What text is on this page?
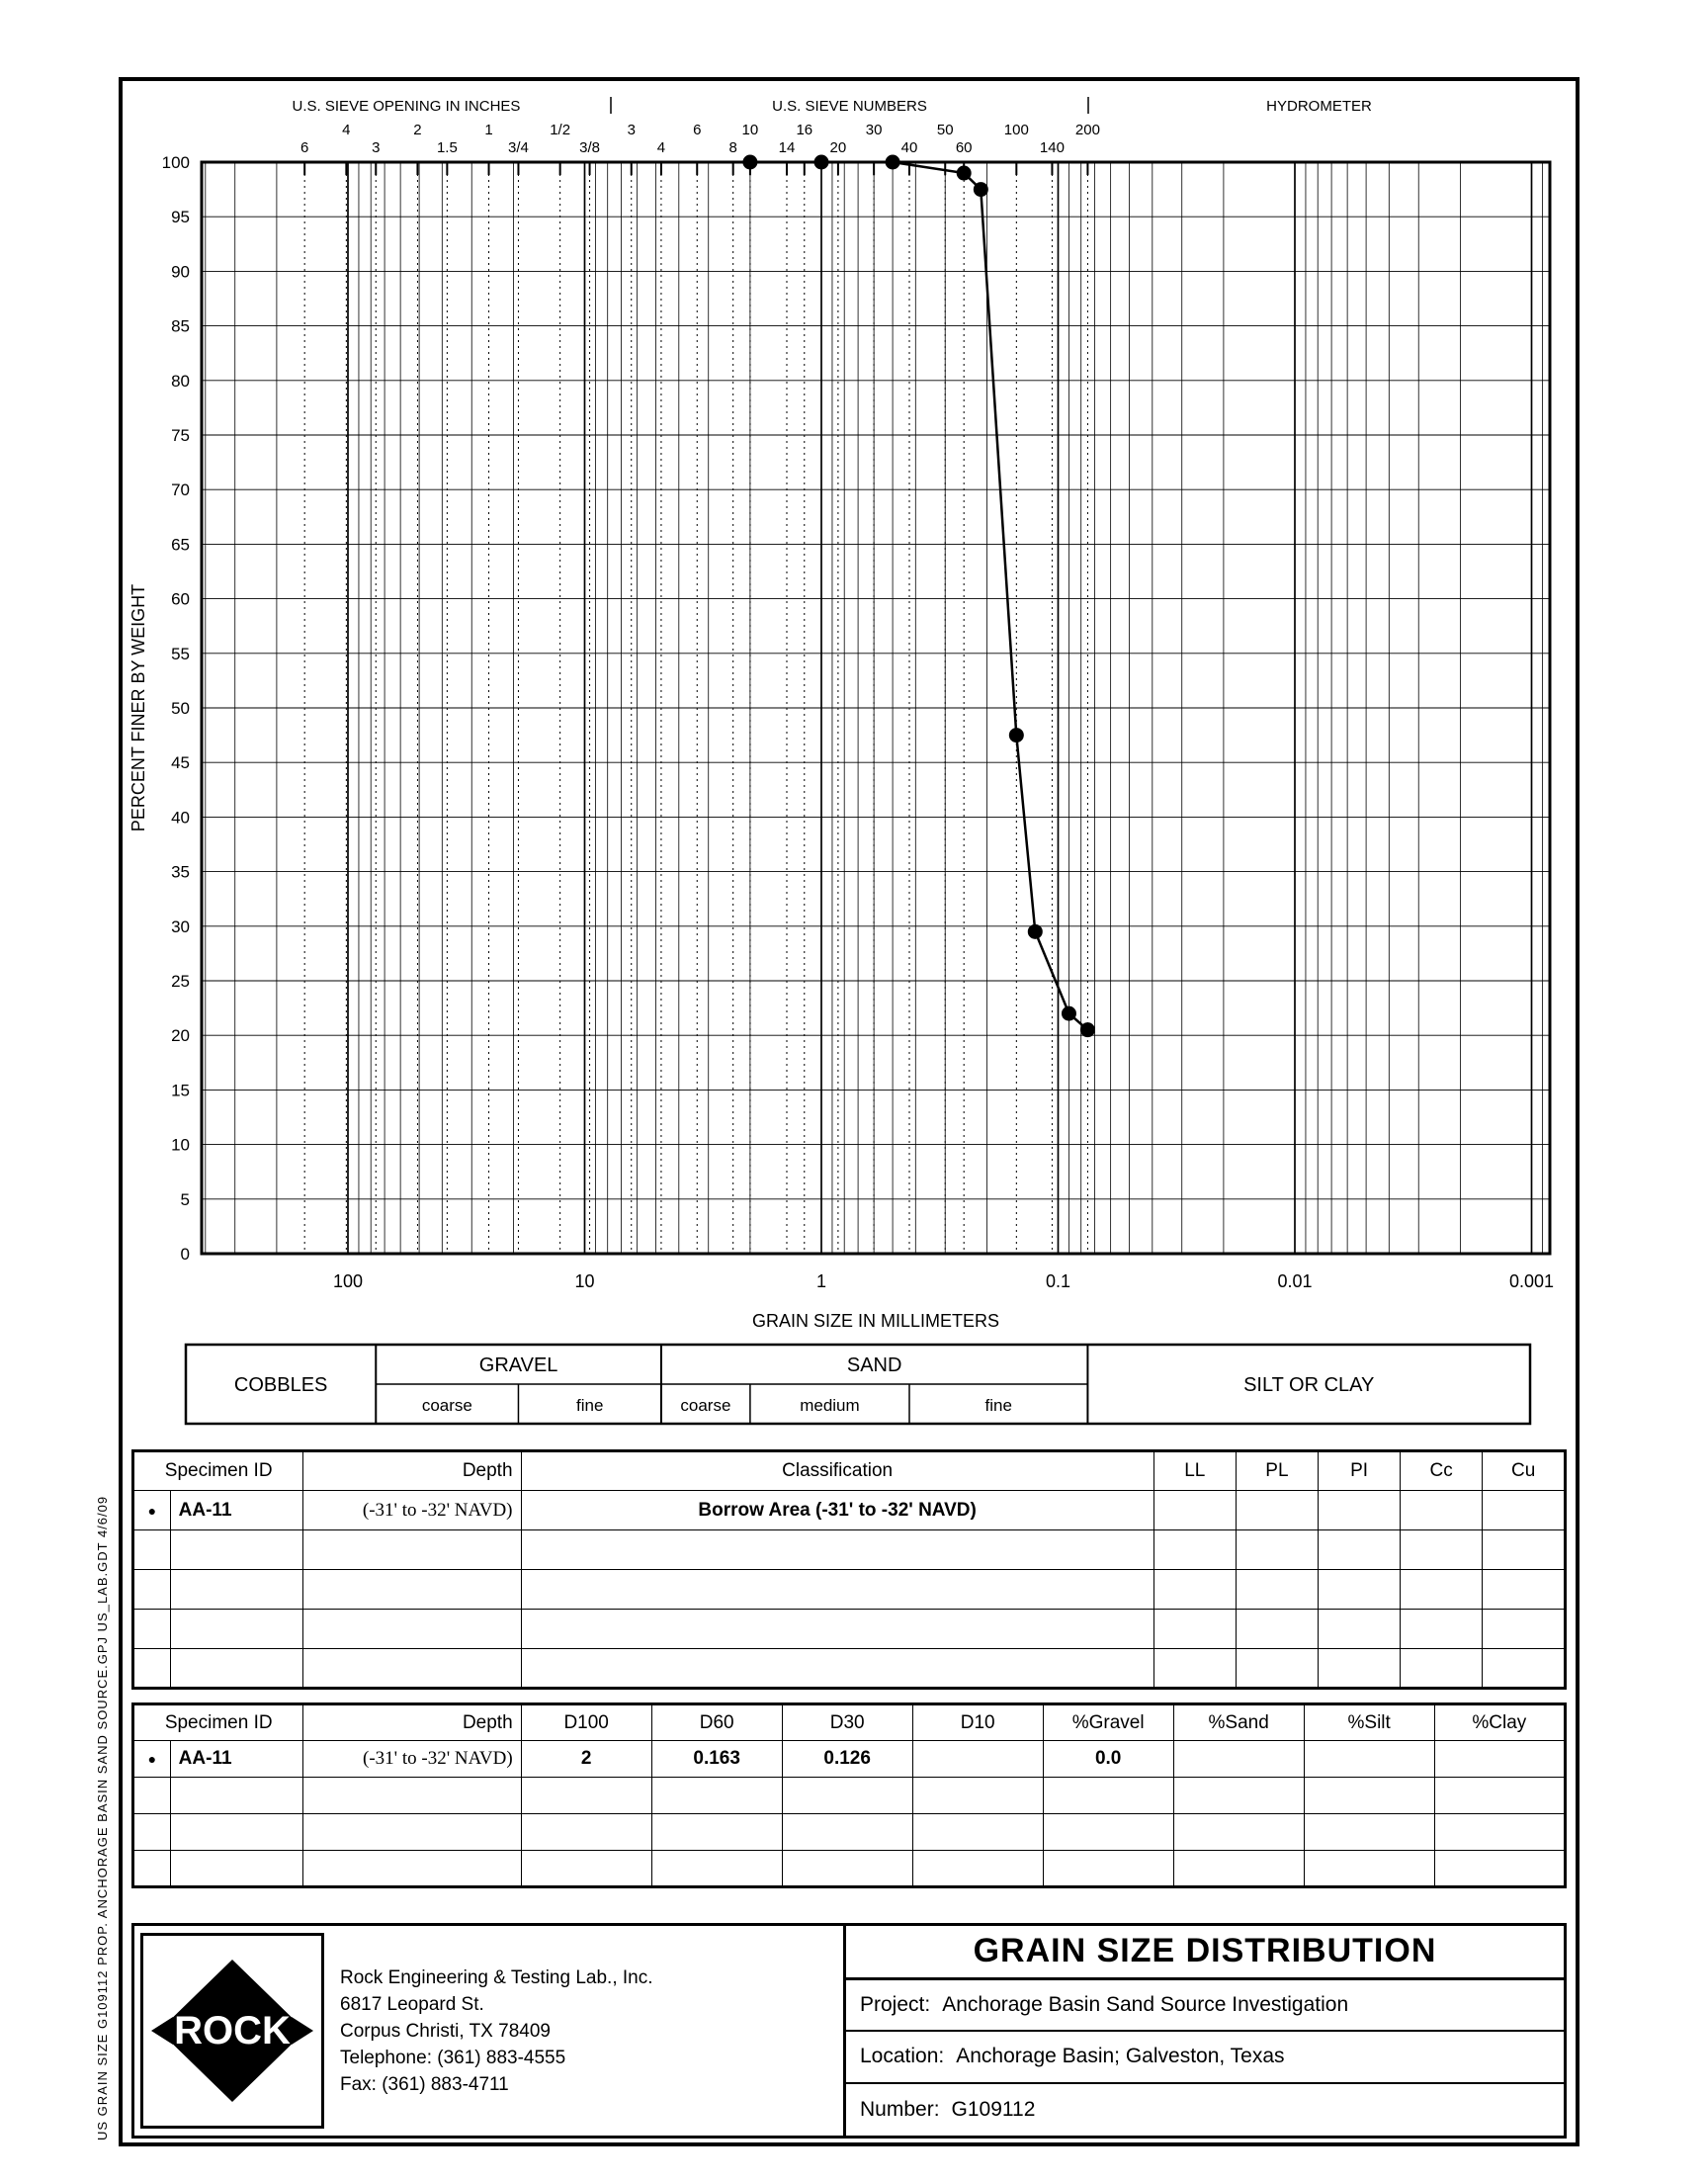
US GRAIN SIZE G109112 PROP. ANCHORAGE BASIN SAND SOURCE.GPJ US_LAB.GDT 4/6/09
6
4
3
2
1.5
1
3/4
1/2
3/8
3
4
6
8
10
14
16
20
30
40
50
60
100
140
200
0
5
10
15
20
25
30
35
40
45
50
55
60
65
70
75
80
85
90
95
100
100	10	1	0.1	0.01	0.001
GRAIN SIZE IN MILLIMETERS
PERCENT FINER BY WEIGHT
U.S. SIEVE OPENING IN INCHES	U.S. SIEVE NUMBERS	HYDROMETER
COBBLES
GRAVEL
coarse	fine
SAND
coarse	medium	fine
SILT OR CLAY
Specimen ID		Depth	Classification	LL	PL	PI	Cc	Cu
●	AA-11	(-31' to -32' NAVD)	Borrow Area (-31' to -32' NAVD)					

Specimen ID		Depth	D100	D60	D30	D10	%Gravel	%Sand	%Silt	%Clay
●	AA-11	(-31' to -32' NAVD)	2	0.163	0.126		0.0			

ROCK
Rock Engineering & Testing Lab., Inc.
6817 Leopard St.
Corpus Christi, TX 78409
Telephone: (361) 883-4555
Fax: (361) 883-4711
GRAIN SIZE DISTRIBUTION
Project: Anchorage Basin Sand Source Investigation
Location: Anchorage Basin; Galveston, Texas
Number: G109112
